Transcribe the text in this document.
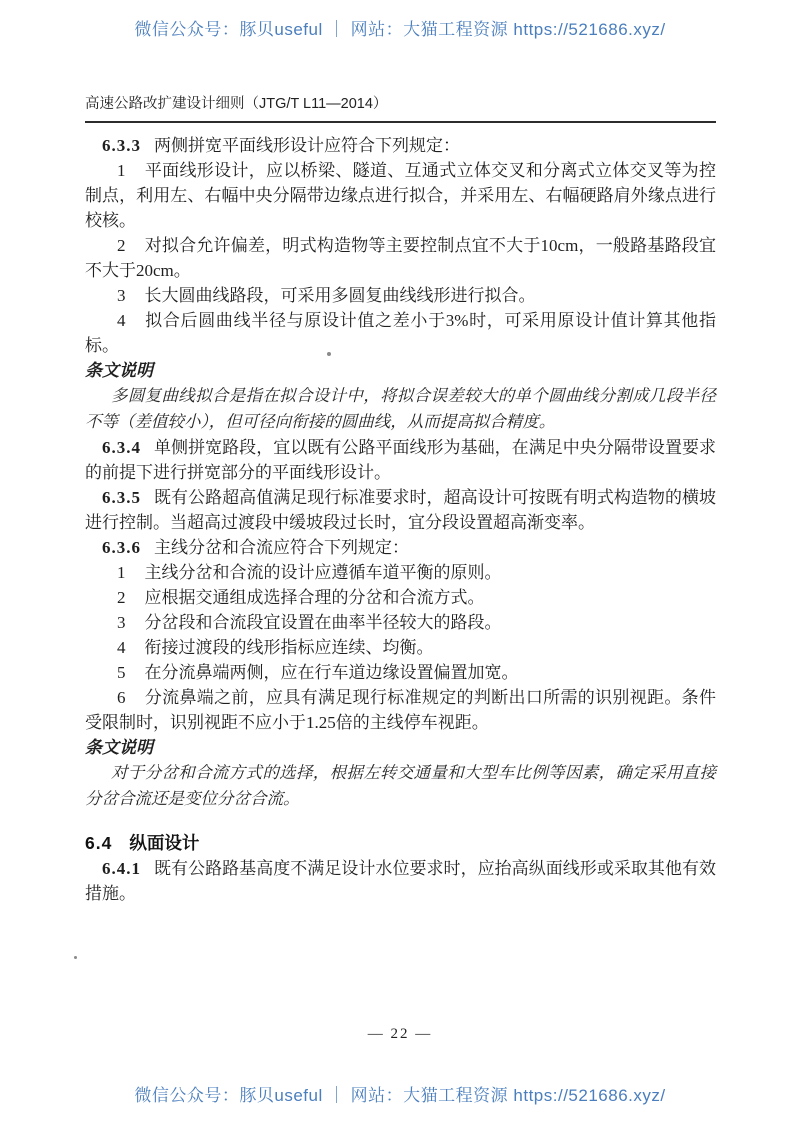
微信公众号：豚贝useful ｜ 网站：大猫工程资源 https://521686.xyz/
高速公路改扩建设计细则（JTG/T L11—2014）

6.3.3 两侧拼宽平面线形设计应符合下列规定：

1 平面线形设计，应以桥梁、隧道、互通式立体交叉和分离式立体交叉等为控制点，利用左、右幅中央分隔带边缘点进行拟合，并采用左、右幅硬路肩外缘点进行校核。

2 对拟合允许偏差，明式构造物等主要控制点宜不大于10cm，一般路基路段宜不大于20cm。

3 长大圆曲线路段，可采用多圆复曲线线形进行拟合。

4 拟合后圆曲线半径与原设计值之差小于3%时，可采用原设计值计算其他指标。

条文说明

多圆复曲线拟合是指在拟合设计中，将拟合误差较大的单个圆曲线分割成几段半径不等（差值较小），但可径向衔接的圆曲线，从而提高拟合精度。

6.3.4 单侧拼宽路段，宜以既有公路平面线形为基础，在满足中央分隔带设置要求的前提下进行拼宽部分的平面线形设计。

6.3.5 既有公路超高值满足现行标准要求时，超高设计可按既有明式构造物的横坡进行控制。当超高过渡段中缓坡段过长时，宜分段设置超高渐变率。

6.3.6 主线分岔和合流应符合下列规定：

1 主线分岔和合流的设计应遵循车道平衡的原则。

2 应根据交通组成选择合理的分岔和合流方式。

3 分岔段和合流段宜设置在曲率半径较大的路段。

4 衔接过渡段的线形指标应连续、均衡。

5 在分流鼻端两侧，应在行车道边缘设置偏置加宽。

6 分流鼻端之前，应具有满足现行标准规定的判断出口所需的识别视距。条件受限制时，识别视距不应小于1.25倍的主线停车视距。

条文说明

对于分岔和合流方式的选择，根据左转交通量和大型车比例等因素，确定采用直接分岔合流还是变位分岔合流。

6.4 纵面设计

6.4.1 既有公路路基高度不满足设计水位要求时，应抬高纵面线形或采取其他有效措施。

— 22 —
微信公众号：豚贝useful ｜ 网站：大猫工程资源 https://521686.xyz/
